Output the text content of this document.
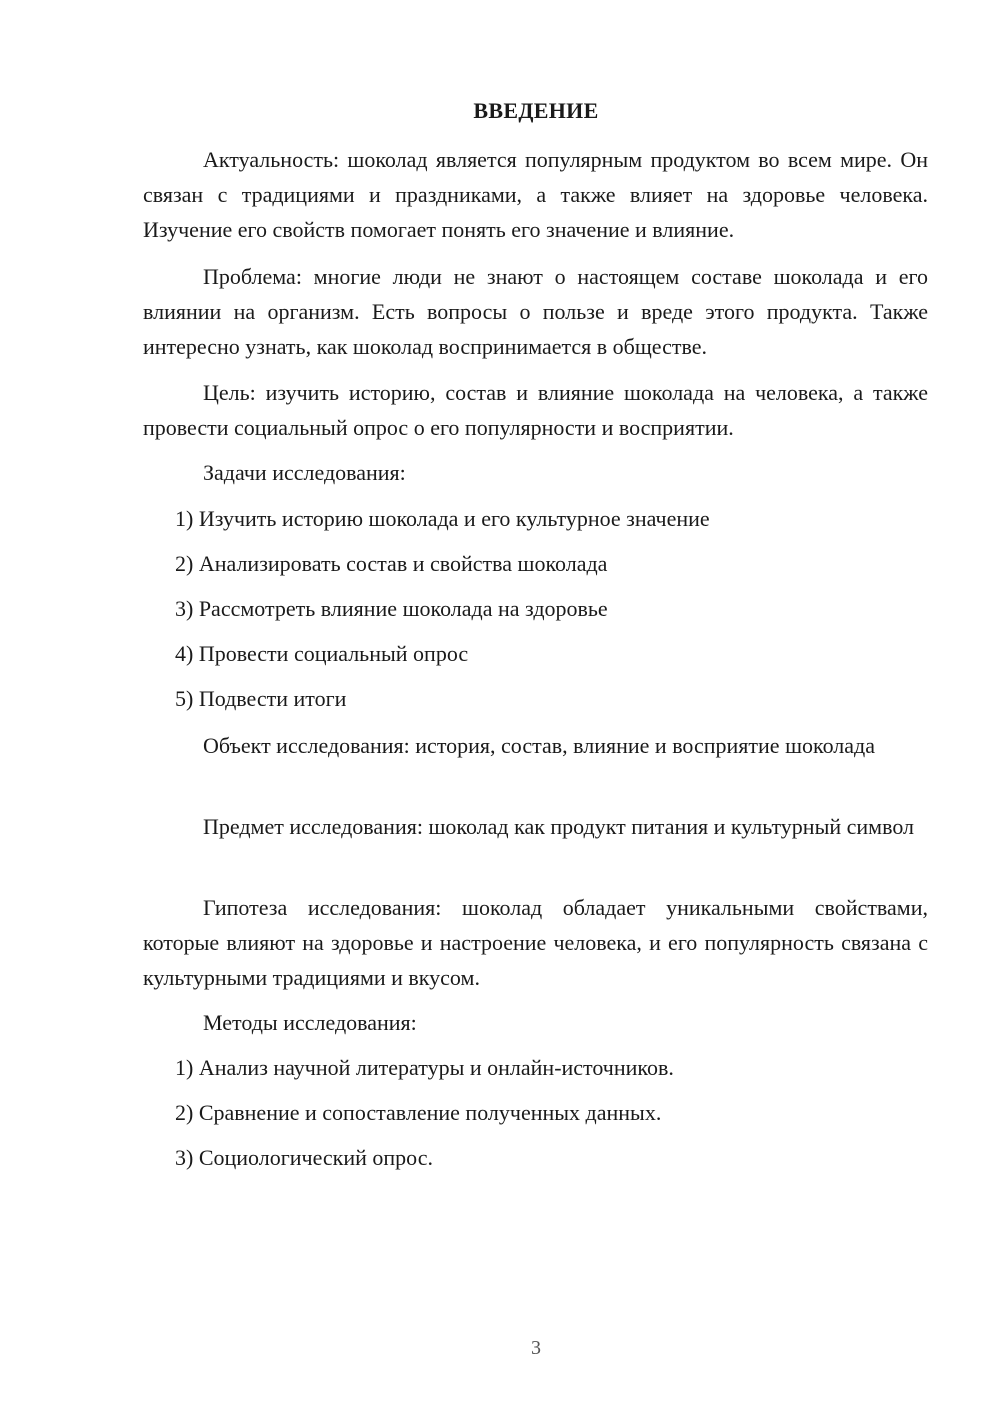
ВВЕДЕНИЕ

Актуальность: шоколад является популярным продуктом во всем мире. Он связан с традициями и праздниками, а также влияет на здоровье человека. Изучение его свойств помогает понять его значение и влияние.

Проблема: многие люди не знают о настоящем составе шоколада и его влиянии на организм. Есть вопросы о пользе и вреде этого продукта. Также интересно узнать, как шоколад воспринимается в обществе.

Цель: изучить историю, состав и влияние шоколада на человека, а также провести социальный опрос о его популярности и восприятии.

Задачи исследования:

1) Изучить историю шоколада и его культурное значение

2) Анализировать состав и свойства шоколада

3) Рассмотреть влияние шоколада на здоровье

4) Провести социальный опрос

5) Подвести итоги

Объект исследования: история, состав, влияние и восприятие шоколада

Предмет исследования: шоколад как продукт питания и культурный символ

Гипотеза исследования: шоколад обладает уникальными свойствами, которые влияют на здоровье и настроение человека, и его популярность связана с культурными традициями и вкусом.

Методы исследования:

1) Анализ научной литературы и онлайн-источников.

2) Сравнение и сопоставление полученных данных.

3) Социологический опрос.

3
